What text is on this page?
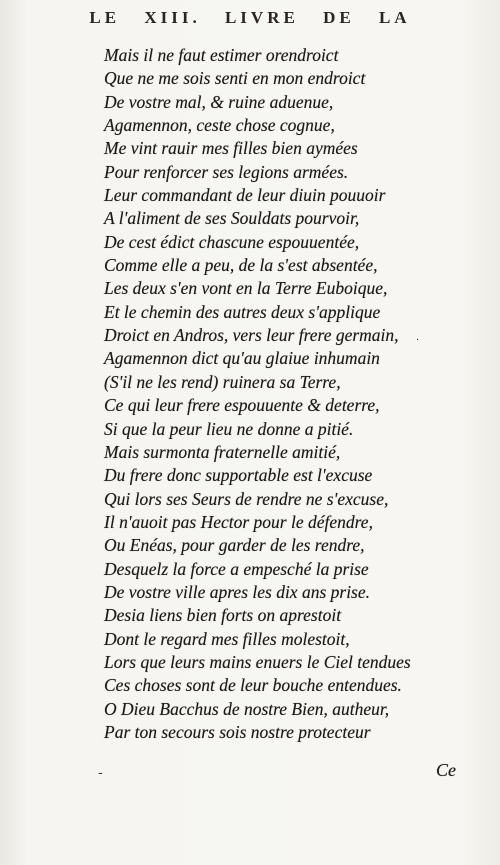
LE XIII. LIVRE DE LA
Mais il ne faut estimer orendroict
Que ne me sois senti en mon endroict
De vostre mal, & ruine aduenue,
Agamennon, ceste chose cognue,
Me vint rauir mes filles bien aymées
Pour renforcer ses legions armées.
Leur commandant de leur diuin pouuoir
A l'aliment de ses Souldats pourvoir,
De cest édict chascune espouuentée,
Comme elle a peu, de la s'est absentée,
Les deux s'en vont en la Terre Euboique,
Et le chemin des autres deux s'applique
Droict en Andros, vers leur frere germain,
Agamennon dict qu'au glaiue inhumain
(S'il ne les rend) ruinera sa Terre,
Ce qui leur frere espouuente & deterre,
Si que la peur lieu ne donne a pitié.
Mais surmonta fraternelle amitié,
Du frere donc supportable est l'excuse
Qui lors ses Seurs de rendre ne s'excuse,
Il n'auoit pas Hector pour le défendre,
Ou Enéas, pour garder de les rendre,
Desquelz la force a empesché la prise
De vostre ville apres les dix ans prise.
Desia liens bien forts on aprestoit
Dont le regard mes filles molestoit,
Lors que leurs mains enuers le Ciel tendues
Ces choses sont de leur bouche entendues.
O Dieu Bacchus de nostre Bien, autheur,
Par ton secours sois nostre protecteur
·
-	Ce
